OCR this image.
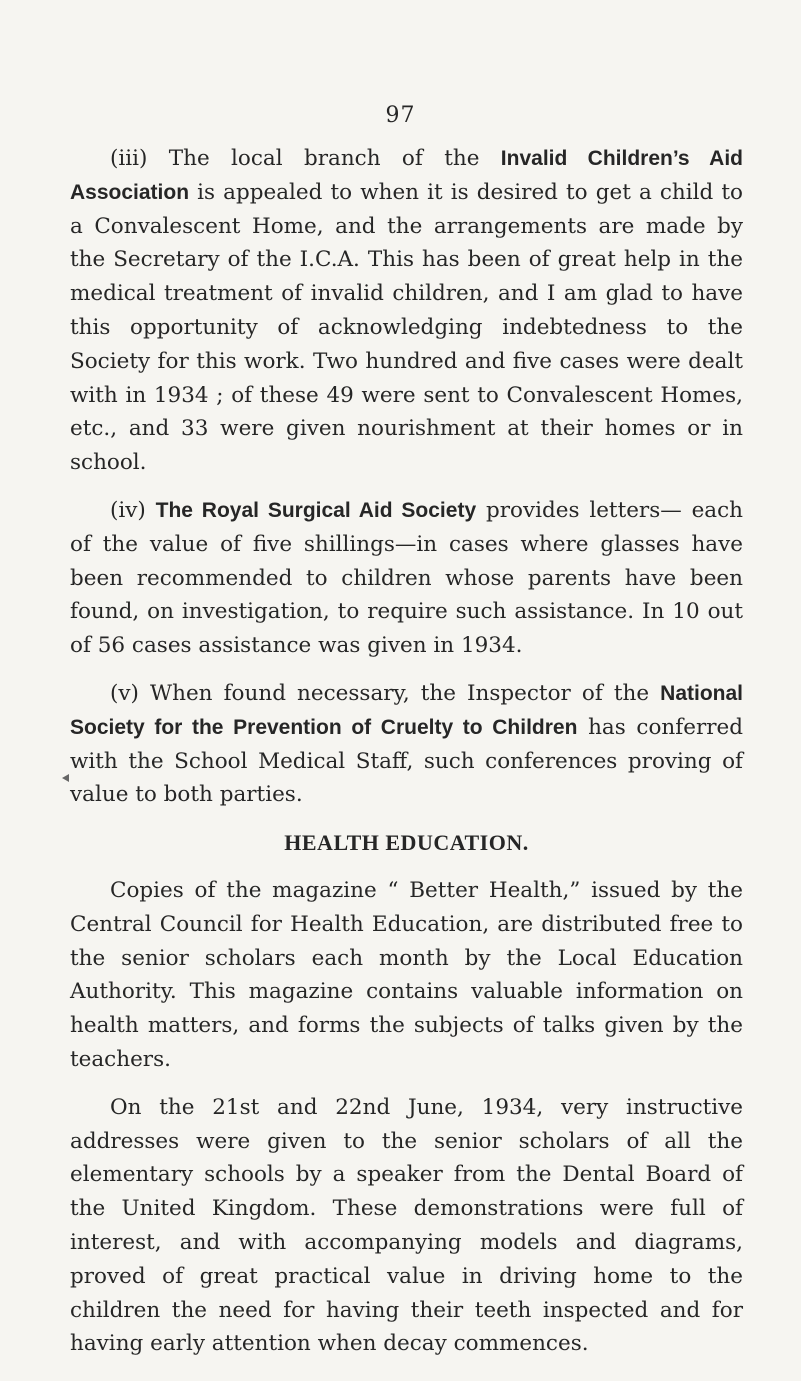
97

(iii) The local branch of the Invalid Children’s Aid Association is appealed to when it is desired to get a child to a Convalescent Home, and the arrangements are made by the Secretary of the I.C.A. This has been of great help in the medical treatment of invalid children, and I am glad to have this opportunity of acknowledging indebtedness to the Society for this work. Two hundred and five cases were dealt with in 1934 ; of these 49 were sent to Convalescent Homes, etc., and 33 were given nourishment at their homes or in school.

(iv) The Royal Surgical Aid Society provides letters— each of the value of five shillings—in cases where glasses have been recommended to children whose parents have been found, on investigation, to require such assistance. In 10 out of 56 cases assistance was given in 1934.

(v) When found necessary, the Inspector of the National Society for the Prevention of Cruelty to Children has conferred with the School Medical Staff, such conferences proving of value to both parties.

HEALTH EDUCATION.

Copies of the magazine “ Better Health,” issued by the Central Council for Health Education, are distributed free to the senior scholars each month by the Local Education Authority. This magazine contains valuable information on health matters, and forms the subjects of talks given by the teachers.

On the 21st and 22nd June, 1934, very instructive addresses were given to the senior scholars of all the elementary schools by a speaker from the Dental Board of the United Kingdom. These demonstrations were full of interest, and with accompanying models and diagrams, proved of great practical value in driving home to the children the need for having their teeth inspected and for having early attention when decay commences.
